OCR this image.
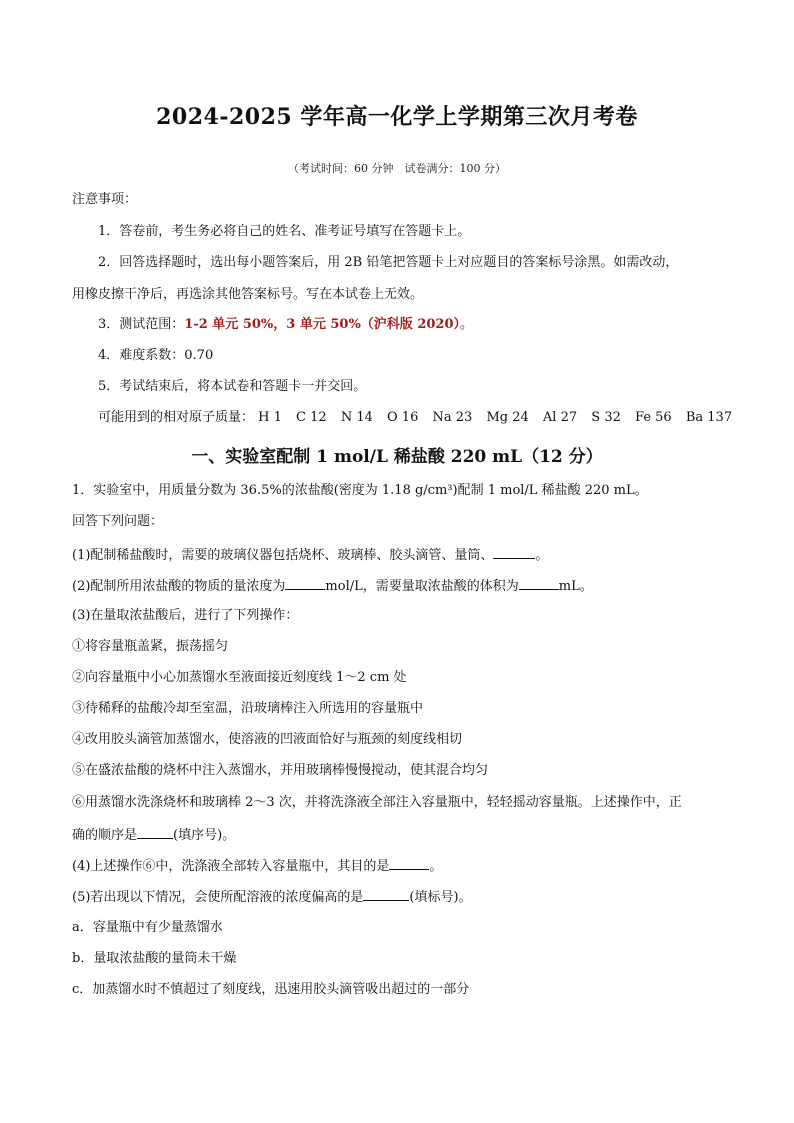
2024-2025 学年高一化学上学期第三次月考卷
（考试时间：60 分钟　试卷满分：100 分）
注意事项：
1．答卷前，考生务必将自己的姓名、准考证号填写在答题卡上。
2．回答选择题时，选出每小题答案后，用 2B 铅笔把答题卡上对应题目的答案标号涂黑。如需改动，
用橡皮擦干净后，再选涂其他答案标号。写在本试卷上无效。
3．测试范围：1-2 单元 50%，3 单元 50%（沪科版 2020）。
4．难度系数：0.70
5．考试结束后，将本试卷和答题卡一并交回。
可能用到的相对原子质量： H 1 C 12 N 14 O 16 Na 23 Mg 24 Al 27 S 32 Fe 56 Ba 137
一、实验室配制 1 mol/L 稀盐酸 220 mL（12 分）
1．实验室中，用质量分数为 36.5%的浓盐酸(密度为 1.18 g/cm³)配制 1 mol/L 稀盐酸 220 mL。
回答下列问题：
(1)配制稀盐酸时，需要的玻璃仪器包括烧杯、玻璃棒、胶头滴管、量筒、	。
(2)配制所用浓盐酸的物质的量浓度为	mol/L，需要量取浓盐酸的体积为	mL。
(3)在量取浓盐酸后，进行了下列操作：
①将容量瓶盖紧，振荡摇匀
②向容量瓶中小心加蒸馏水至液面接近刻度线 1～2 cm 处
③待稀释的盐酸冷却至室温，沿玻璃棒注入所选用的容量瓶中
④改用胶头滴管加蒸馏水，使溶液的凹液面恰好与瓶颈的刻度线相切
⑤在盛浓盐酸的烧杯中注入蒸馏水，并用玻璃棒慢慢搅动，使其混合均匀
⑥用蒸馏水洗涤烧杯和玻璃棒 2～3 次，并将洗涤液全部注入容量瓶中，轻轻摇动容量瓶。上述操作中，正
确的顺序是	(填序号)。
(4)上述操作⑥中，洗涤液全部转入容量瓶中，其目的是	。
(5)若出现以下情况，会使所配溶液的浓度偏高的是	(填标号)。
a．容量瓶中有少量蒸馏水
b．量取浓盐酸的量筒未干燥
c．加蒸馏水时不慎超过了刻度线，迅速用胶头滴管吸出超过的一部分
